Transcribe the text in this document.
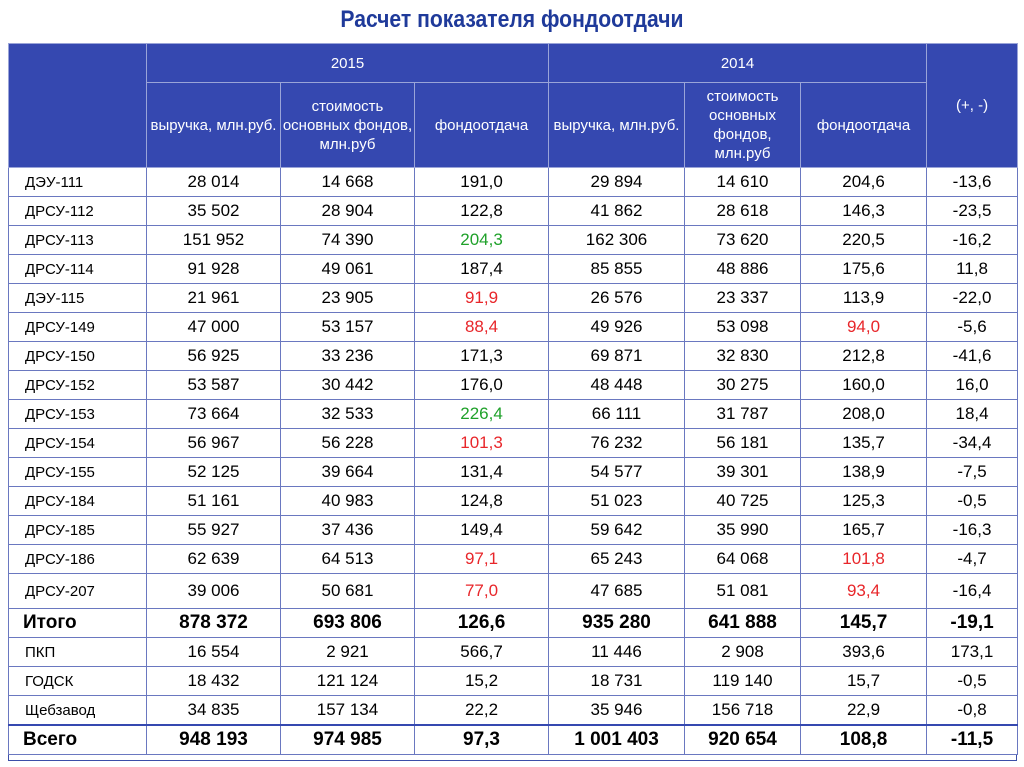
Расчет показателя фондоотдачи
	2015			2014			(+, -)
	выручка, млн.руб.	стоимость основных фондов, млн.руб	фондоотдача	выручка, млн.руб.	стоимость основных фондов, млн.руб	фондоотдача	
ДЭУ-111	28 014	14 668	191,0	29 894	14 610	204,6	-13,6
ДРСУ-112	35 502	28 904	122,8	41 862	28 618	146,3	-23,5
ДРСУ-113	151 952	74 390	204,3	162 306	73 620	220,5	-16,2
ДРСУ-114	91 928	49 061	187,4	85 855	48 886	175,6	11,8
ДЭУ-115	21 961	23 905	91,9	26 576	23 337	113,9	-22,0
ДРСУ-149	47 000	53 157	88,4	49 926	53 098	94,0	-5,6
ДРСУ-150	56 925	33 236	171,3	69 871	32 830	212,8	-41,6
ДРСУ-152	53 587	30 442	176,0	48 448	30 275	160,0	16,0
ДРСУ-153	73 664	32 533	226,4	66 111	31 787	208,0	18,4
ДРСУ-154	56 967	56 228	101,3	76 232	56 181	135,7	-34,4
ДРСУ-155	52 125	39 664	131,4	54 577	39 301	138,9	-7,5
ДРСУ-184	51 161	40 983	124,8	51 023	40 725	125,3	-0,5
ДРСУ-185	55 927	37 436	149,4	59 642	35 990	165,7	-16,3
ДРСУ-186	62 639	64 513	97,1	65 243	64 068	101,8	-4,7
ДРСУ-207	39 006	50 681	77,0	47 685	51 081	93,4	-16,4
Итого	878 372	693 806	126,6	935 280	641 888	145,7	-19,1
ПКП	16 554	2 921	566,7	11 446	2 908	393,6	173,1
ГОДСК	18 432	121 124	15,2	18 731	119 140	15,7	-0,5
Щебзавод	34 835	157 134	22,2	35 946	156 718	22,9	-0,8
Всего	948 193	974 985	97,3	1 001 403	920 654	108,8	-11,5
